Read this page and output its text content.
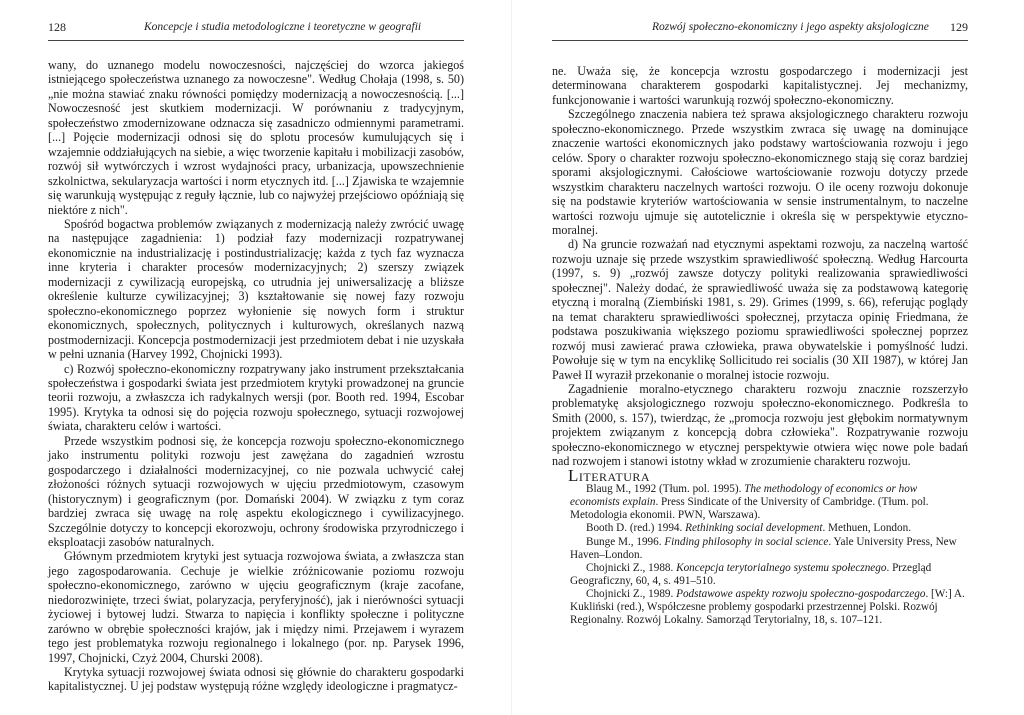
128	Koncepcje i studia metodologiczne i teoretyczne w geografii

wany, do uznanego modelu nowoczesności, najczęściej do wzorca jakiegoś istniejącego społeczeństwa uznanego za nowoczesne". Według Chołaja (1998, s. 50) „nie można stawiać znaku równości pomiędzy modernizacją a nowoczesnością. [...] Nowoczesność jest skutkiem modernizacji. W porównaniu z tradycyjnym, społeczeństwo zmodernizowane odznacza się zasadniczo odmiennymi parametrami. [...] Pojęcie modernizacji odnosi się do splotu procesów kumulujących się i wzajemnie oddziałujących na siebie, a więc tworzenie kapitału i mobilizacji zasobów, rozwój sił wytwórczych i wzrost wydajności pracy, urbanizacja, upowszechnienie szkolnictwa, sekularyzacja wartości i norm etycznych itd. [...] Zjawiska te wzajemnie się warunkują występując z reguły łącznie, lub co najwyżej przejściowo opóźniają się niektóre z nich".

Spośród bogactwa problemów związanych z modernizacją należy zwrócić uwagę na następujące zagadnienia: 1) podział fazy modernizacji rozpatrywanej ekonomicznie na industrializację i postindustrializację; każda z tych faz wyznacza inne kryteria i charakter procesów modernizacyjnych; 2) szerszy związek modernizacji z cywilizacją europejską, co utrudnia jej uniwersalizację a bliższe określenie kulturze cywilizacyjnej; 3) kształtowanie się nowej fazy rozwoju społeczno-ekonomicznego poprzez wyłonienie się nowych form i struktur ekonomicznych, społecznych, politycznych i kulturowych, określanych nazwą postmodernizacji. Koncepcja postmodernizacji jest przedmiotem debat i nie uzyskała w pełni uznania (Harvey 1992, Chojnicki 1993).

c) Rozwój społeczno-ekonomiczny rozpatrywany jako instrument przekształcania społeczeństwa i gospodarki świata jest przedmiotem krytyki prowadzonej na gruncie teorii rozwoju, a zwłaszcza ich radykalnych wersji (por. Booth red. 1994, Escobar 1995). Krytyka ta odnosi się do pojęcia rozwoju społecznego, sytuacji rozwojowej świata, charakteru celów i wartości.

Przede wszystkim podnosi się, że koncepcja rozwoju społeczno-ekonomicznego jako instrumentu polityki rozwoju jest zawężana do zagadnień wzrostu gospodarczego i działalności modernizacyjnej, co nie pozwala uchwycić całej złożoności różnych sytuacji rozwojowych w ujęciu przedmiotowym, czasowym (historycznym) i geograficznym (por. Domański 2004). W związku z tym coraz bardziej zwraca się uwagę na rolę aspektu ekologicznego i cywilizacyjnego. Szczególnie dotyczy to koncepcji ekorozwoju, ochrony środowiska przyrodniczego i eksploatacji zasobów naturalnych.

Głównym przedmiotem krytyki jest sytuacja rozwojowa świata, a zwłaszcza stan jego zagospodarowania. Cechuje je wielkie zróżnicowanie poziomu rozwoju społeczno-ekonomicznego, zarówno w ujęciu geograficznym (kraje zacofane, niedorozwinięte, trzeci świat, polaryzacja, peryferyjność), jak i nierówności sytuacji życiowej i bytowej ludzi. Stwarza to napięcia i konflikty społeczne i polityczne zarówno w obrębie społeczności krajów, jak i między nimi. Przejawem i wyrazem tego jest problematyka rozwoju regionalnego i lokalnego (por. np. Parysek 1996, 1997, Chojnicki, Czyż 2004, Churski 2008).

Krytyka sytuacji rozwojowej świata odnosi się głównie do charakteru gospodarki kapitalistycznej. U jej podstaw występują różne względy ideologiczne i pragmatycz-

Rozwój społeczno-ekonomiczny i jego aspekty aksjologiczne 129

ne. Uważa się, że koncepcja wzrostu gospodarczego i modernizacji jest determinowana charakterem gospodarki kapitalistycznej. Jej mechanizmy, funkcjonowanie i wartości warunkują rozwój społeczno-ekonomiczny.

Szczególnego znaczenia nabiera też sprawa aksjologicznego charakteru rozwoju społeczno-ekonomicznego. Przede wszystkim zwraca się uwagę na dominujące znaczenie wartości ekonomicznych jako podstawy wartościowania rozwoju i jego celów. Spory o charakter rozwoju społeczno-ekonomicznego stają się coraz bardziej sporami aksjologicznymi. Całościowe wartościowanie rozwoju dotyczy przede wszystkim charakteru naczelnych wartości rozwoju. O ile oceny rozwoju dokonuje się na podstawie kryteriów wartościowania w sensie instrumentalnym, to naczelne wartości rozwoju ujmuje się autotelicznie i określa się w perspektywie etyczno-moralnej.

d) Na gruncie rozważań nad etycznymi aspektami rozwoju, za naczelną wartość rozwoju uznaje się przede wszystkim sprawiedliwość społeczną. Według Harcourta (1997, s. 9) „rozwój zawsze dotyczy polityki realizowania sprawiedliwości społecznej". Należy dodać, że sprawiedliwość uważa się za podstawową kategorię etyczną i moralną (Ziembiński 1981, s. 29). Grimes (1999, s. 66), referując poglądy na temat charakteru sprawiedliwości społecznej, przytacza opinię Friedmana, że podstawa poszukiwania większego poziomu sprawiedliwości społecznej poprzez rozwój musi zawierać prawa człowieka, prawa obywatelskie i pomyślność ludzi. Powołuje się w tym na encyklikę Sollicitudo rei socialis (30 XII 1987), w której Jan Paweł II wyraził przekonanie o moralnej istocie rozwoju.

Zagadnienie moralno-etycznego charakteru rozwoju znacznie rozszerzyło problematykę aksjologicznego rozwoju społeczno-ekonomicznego. Podkreśla to Smith (2000, s. 157), twierdząc, że „promocja rozwoju jest głębokim normatywnym projektem związanym z koncepcją dobra człowieka". Rozpatrywanie rozwoju społeczno-ekonomicznego w etycznej perspektywie otwiera więc nowe pole badań nad rozwojem i stanowi istotny wkład w zrozumienie charakteru rozwoju.

Literatura

Blaug M., 1992 (Tłum. pol. 1995). The methodology of economics or how economists explain. Press Sindicate of the University of Cambridge. (Tłum. pol. Metodologia ekonomii. PWN, Warszawa).

Booth D. (red.) 1994. Rethinking social development. Methuen, London.

Bunge M., 1996. Finding philosophy in social science. Yale University Press, New Haven–London.

Chojnicki Z., 1988. Koncepcja terytorialnego systemu społecznego. Przegląd Geograficzny, 60, 4, s. 491–510.

Chojnicki Z., 1989. Podstawowe aspekty rozwoju społeczno-gospodarczego. [W:] A. Kukliński (red.), Współczesne problemy gospodarki przestrzennej Polski. Rozwój Regionalny. Rozwój Lokalny. Samorząd Terytorialny, 18, s. 107–121.
